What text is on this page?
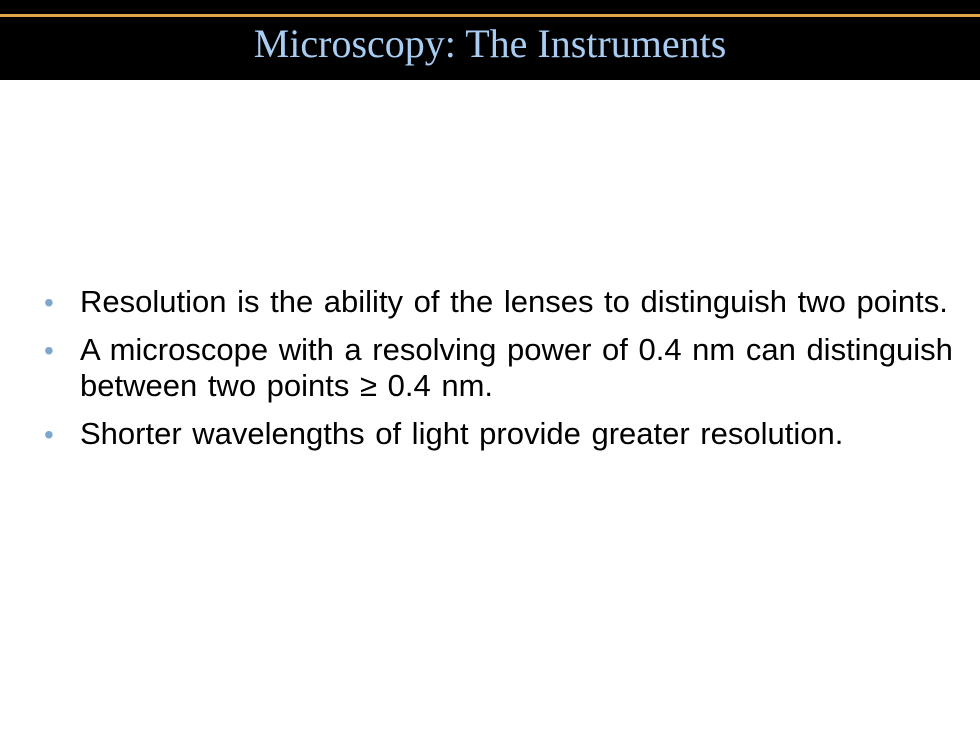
Microscopy: The Instruments
• Resolution is the ability of the lenses to distinguish two points.
• A microscope with a resolving power of 0.4 nm can distinguish between two points ≥ 0.4 nm.
• Shorter wavelengths of light provide greater resolution.
